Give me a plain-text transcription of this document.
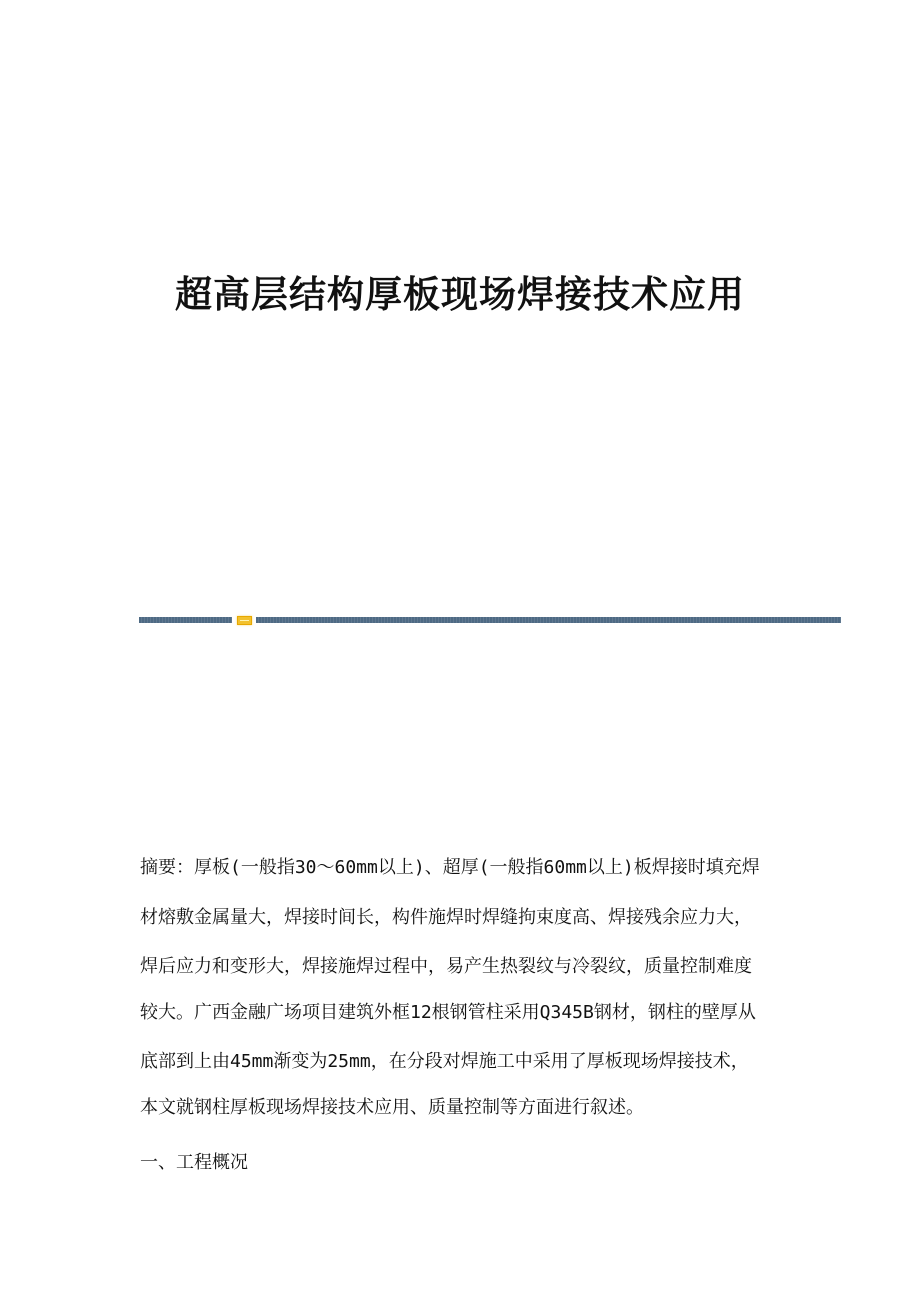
超高层结构厚板现场焊接技术应用
摘要：厚板(一般指30～60mm以上)、超厚(一般指60mm以上)板焊接时填充焊
材熔敷金属量大，焊接时间长，构件施焊时焊缝拘束度高、焊接残余应力大，
焊后应力和变形大，焊接施焊过程中，易产生热裂纹与冷裂纹，质量控制难度
较大。广西金融广场项目建筑外框12根钢管柱采用Q345B钢材，钢柱的壁厚从
底部到上由45mm渐变为25mm，在分段对焊施工中采用了厚板现场焊接技术，
本文就钢柱厚板现场焊接技术应用、质量控制等方面进行叙述。
一、工程概况
